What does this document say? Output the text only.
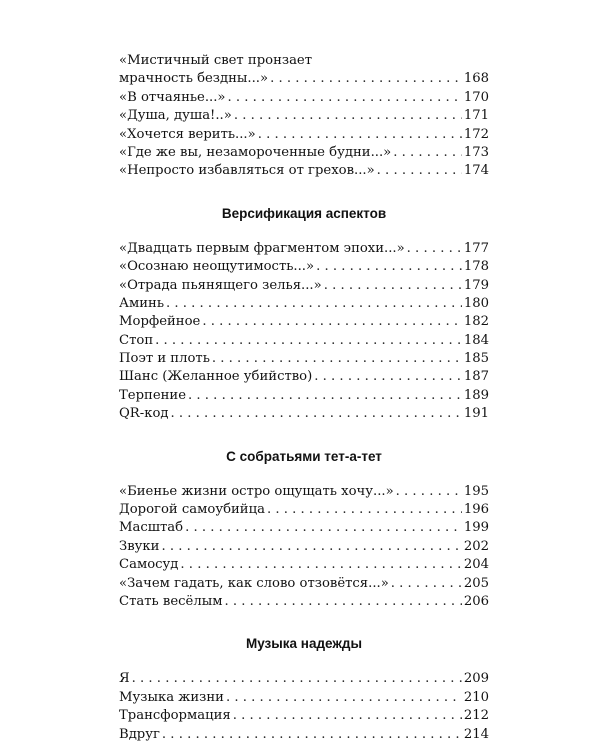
«Мистичный свет пронзает
мрачность бездны...» . . .	168
«В отчаянье...» . . .	170
«Душа, душа!..» . . .	171
«Хочется верить...» . . .	172
«Где же вы, незамороченные будни...» . . .	173
«Непросто избавляться от грехов...» . . .	174
Версификация аспектов
«Двадцать первым фрагментом эпохи...» . . .	177
«Осознаю неощутимость...» . . .	178
«Отрада пьянящего зелья...» . . .	179
Аминь . . .	180
Морфейное . . .	182
Стоп . . .	184
Поэт и плоть . . .	185
Шанс (Желанное убийство) . . .	187
Терпение . . .	189
QR-код . . .	191
С собратьями тет-а-тет
«Биенье жизни остро ощущать хочу...» . . .	195
Дорогой самоубийца . . .	196
Масштаб . . .	199
Звуки . . .	202
Самосуд . . .	204
«Зачем гадать, как слово отзовётся...» . . .	205
Стать весёлым . . .	206
Музыка надежды
Я . . .	209
Музыка жизни . . .	210
Трансформация . . .	212
Вдруг . . .	214
